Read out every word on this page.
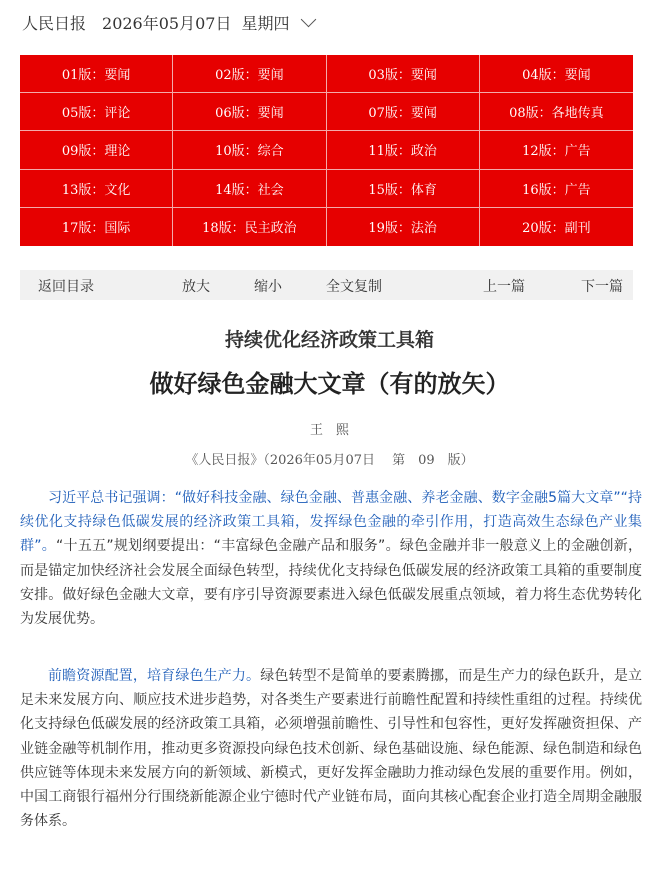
人民日报 2026年05月07日 星期四
01版：要闻	02版：要闻	03版：要闻	04版：要闻
05版：评论	06版：要闻	07版：要闻	08版：各地传真
09版：理论	10版：综合	11版：政治	12版：广告
13版：文化	14版：社会	15版：体育	16版：广告
17版：国际	18版：民主政治	19版：法治	20版：副刊
返回目录	放大	缩小	全文复制	上一篇	下一篇
持续优化经济政策工具箱
做好绿色金融大文章（有的放矢）
王　熙
《人民日报》（2026年05月07日　 第　09　版）

习近平总书记强调：“做好科技金融、绿色金融、普惠金融、养老金融、数字金融5篇大文章”“持续优化支持绿色低碳发展的经济政策工具箱，发挥绿色金融的牵引作用，打造高效生态绿色产业集群”。“十五五”规划纲要提出：“丰富绿色金融产品和服务”。绿色金融并非一般意义上的金融创新，而是锚定加快经济社会发展全面绿色转型，持续优化支持绿色低碳发展的经济政策工具箱的重要制度安排。做好绿色金融大文章，要有序引导资源要素进入绿色低碳发展重点领域，着力将生态优势转化为发展优势。

前瞻资源配置，培育绿色生产力。绿色转型不是简单的要素腾挪，而是生产力的绿色跃升，是立足未来发展方向、顺应技术进步趋势，对各类生产要素进行前瞻性配置和持续性重组的过程。持续优化支持绿色低碳发展的经济政策工具箱，必须增强前瞻性、引导性和包容性，更好发挥融资担保、产业链金融等机制作用，推动更多资源投向绿色技术创新、绿色基础设施、绿色能源、绿色制造和绿色供应链等体现未来发展方向的新领域、新模式，更好发挥金融助力推动绿色发展的重要作用。例如，中国工商银行福州分行围绕新能源企业宁德时代产业链布局，面向其核心配套企业打造全周期金融服务体系。
